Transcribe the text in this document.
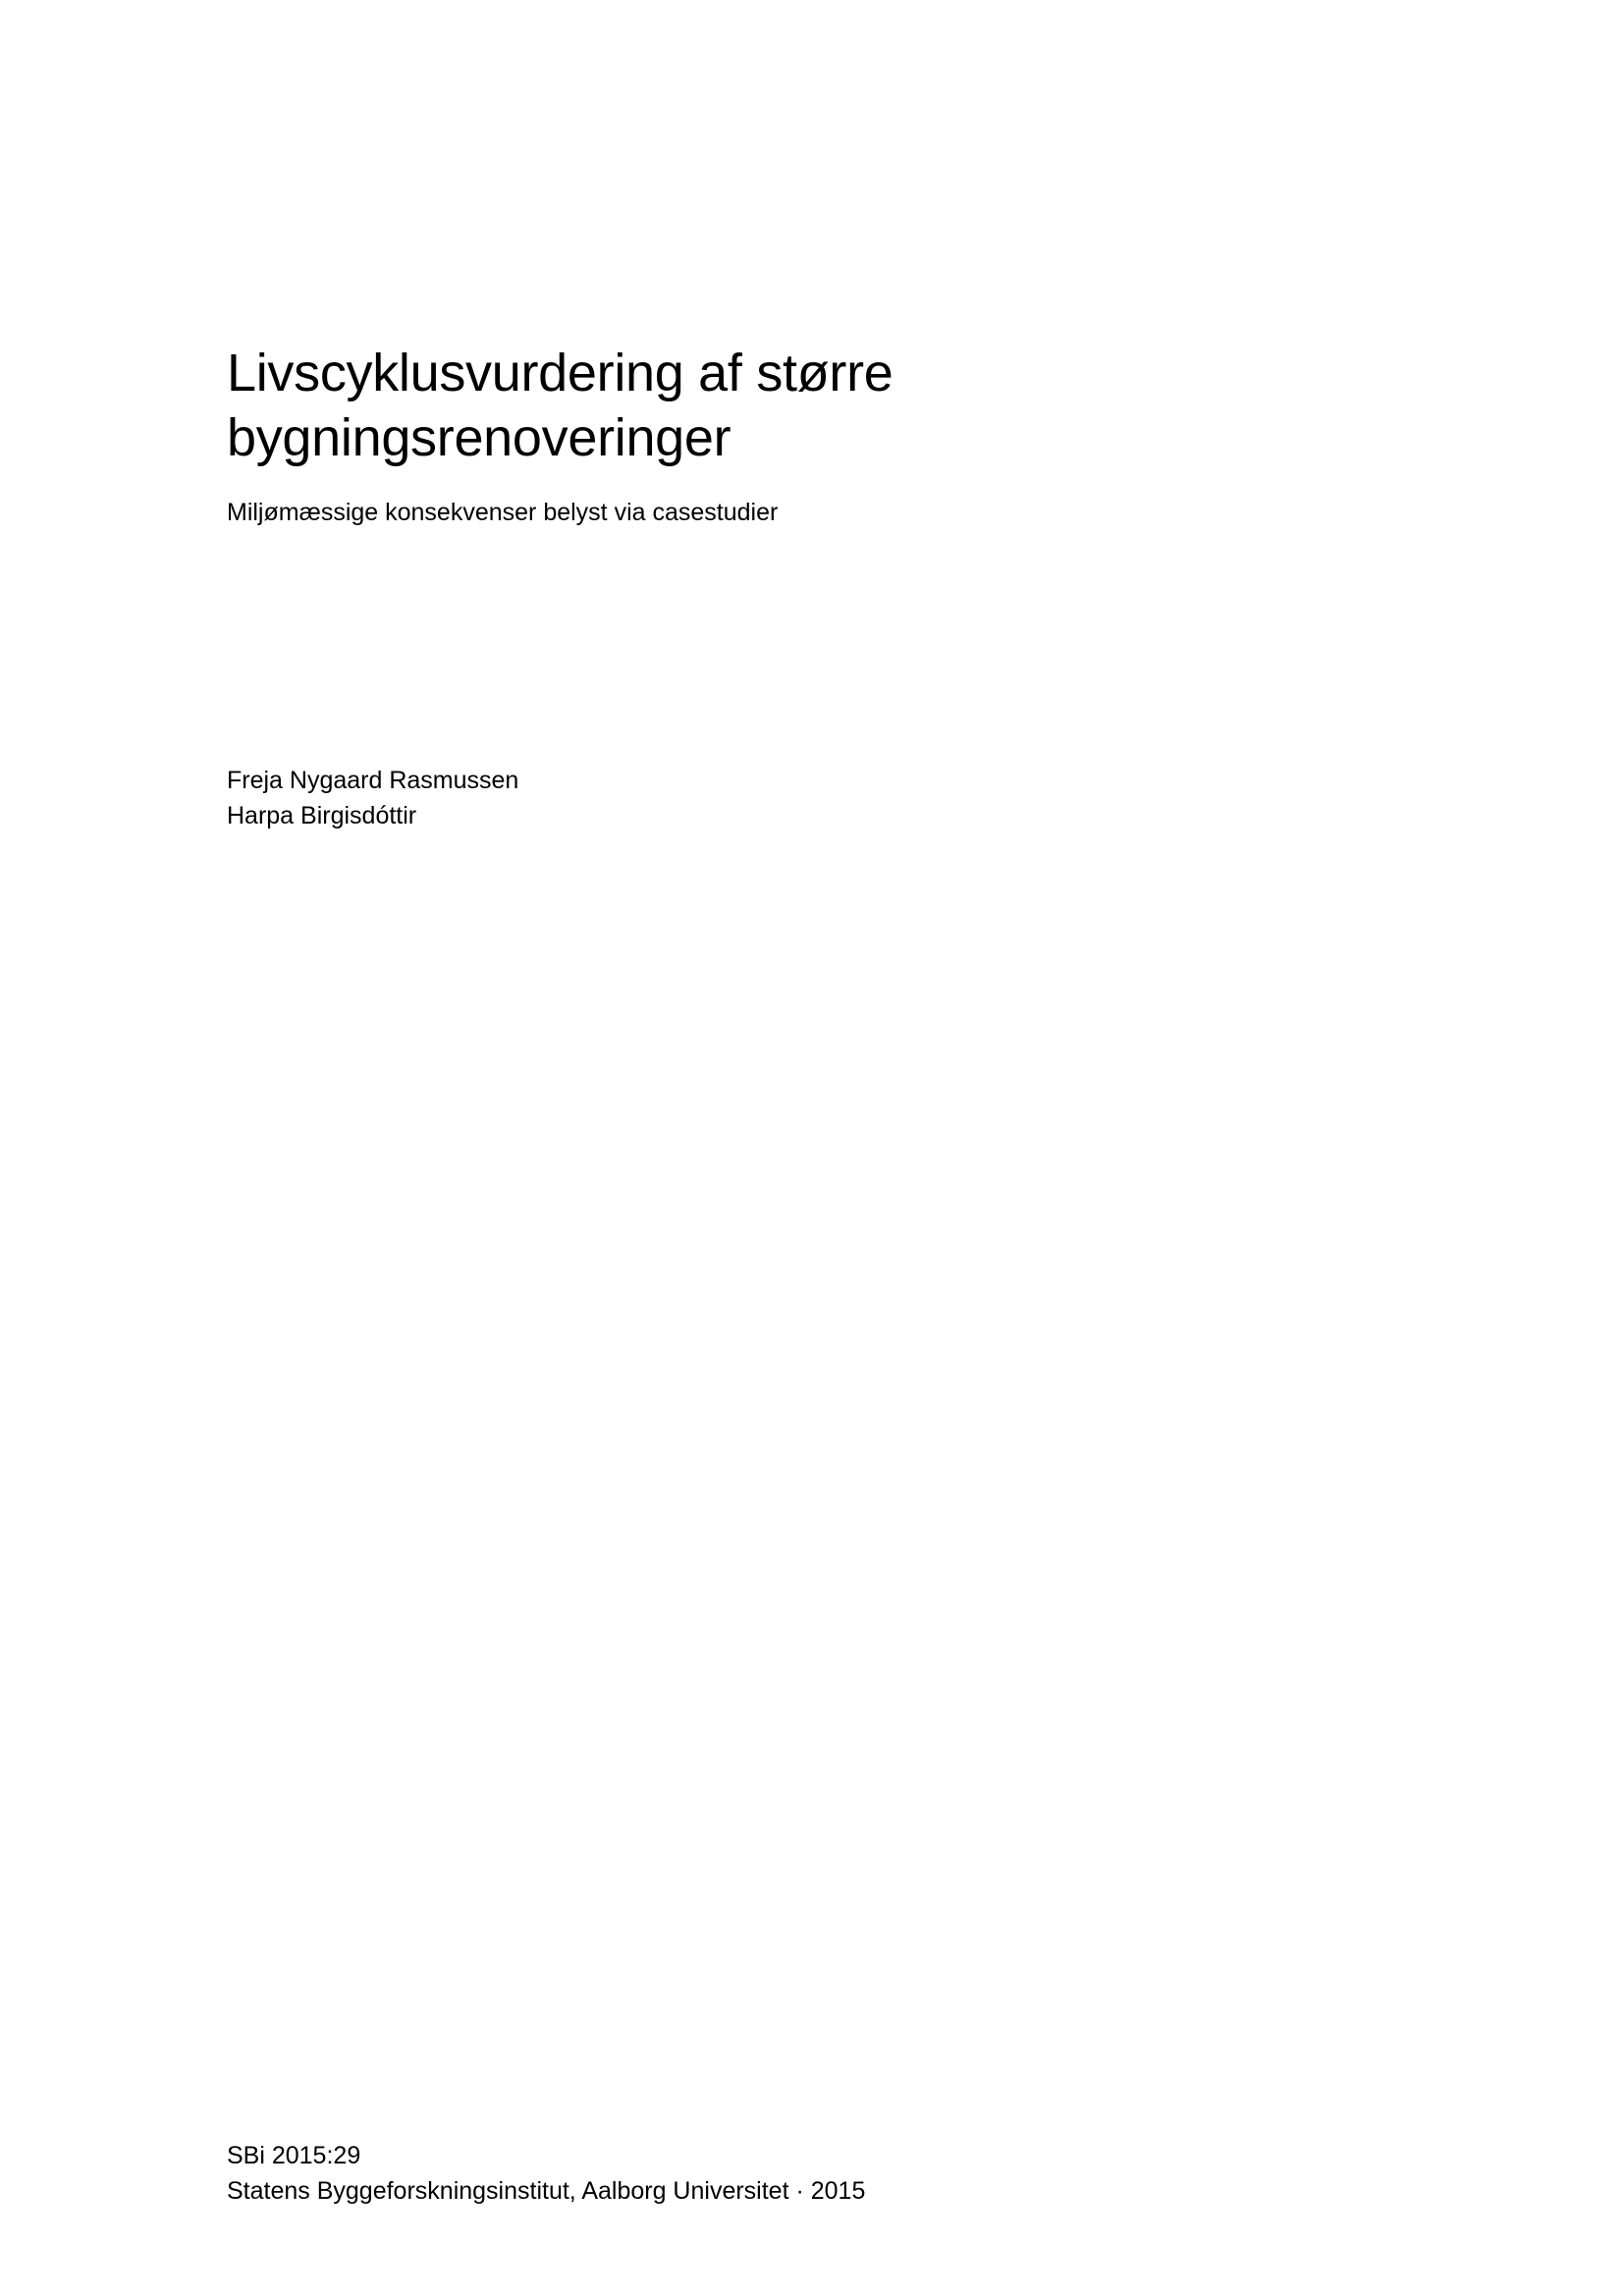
Livscyklusvurdering af større bygningsrenoveringer

Miljømæssige konsekvenser belyst via casestudier

Freja Nygaard Rasmussen
Harpa Birgisdóttir
SBi 2015:29
Statens Byggeforskningsinstitut, Aalborg Universitet · 2015
